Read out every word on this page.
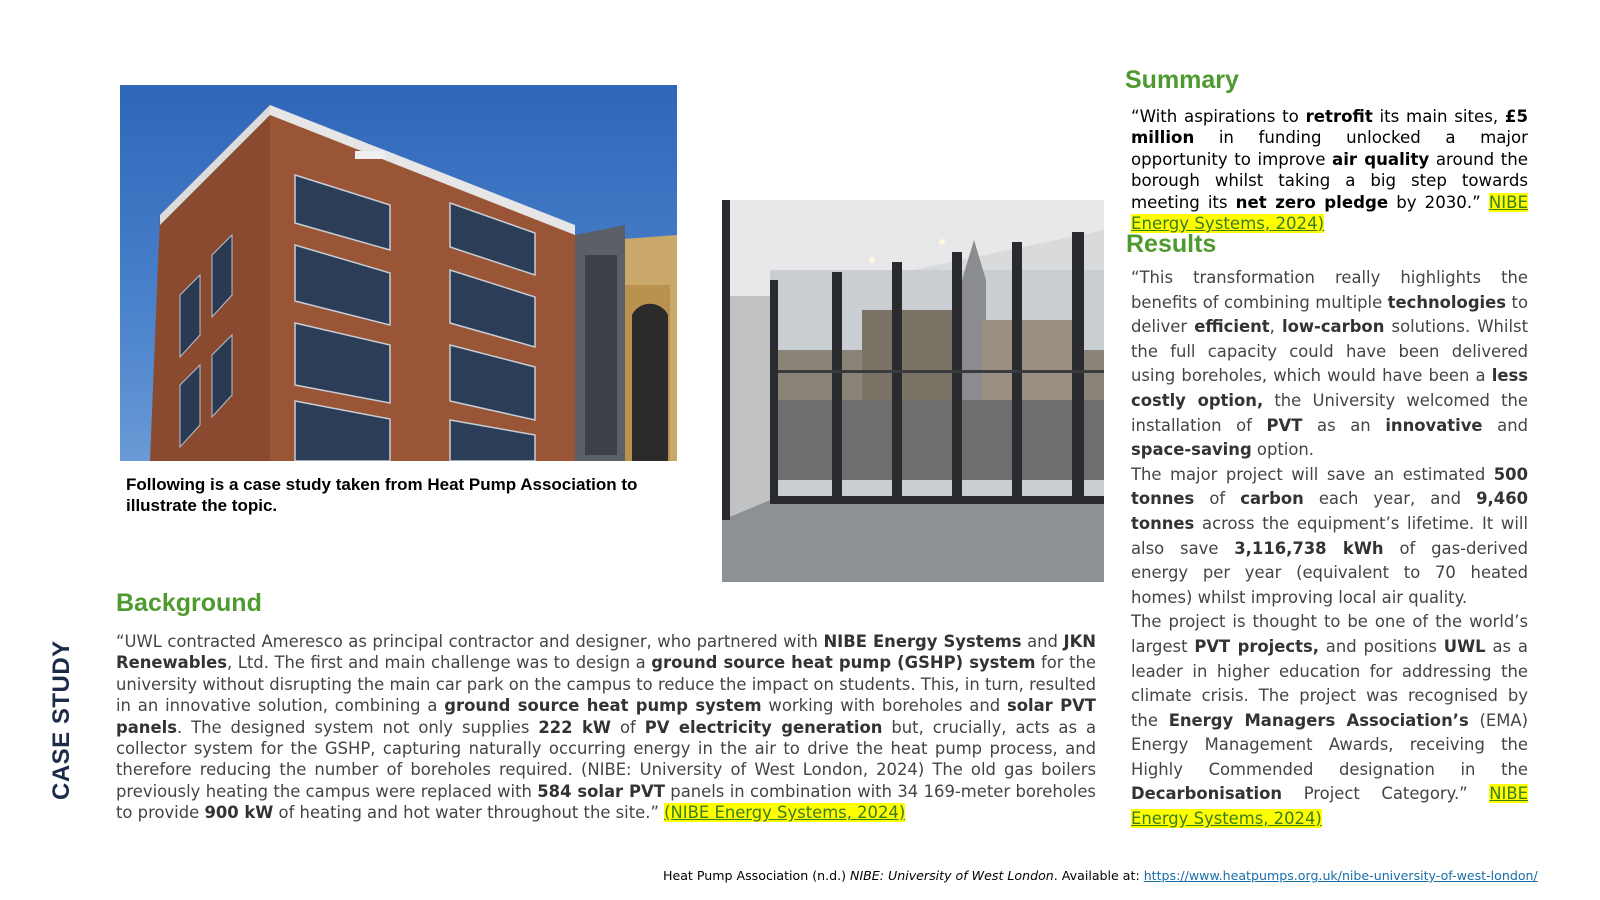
Following is a case study taken from Heat Pump Association to illustrate the topic.
Summary

“With aspirations to retrofit its main sites, £5 million in funding unlocked a major opportunity to improve air quality around the borough whilst taking a big step towards meeting its net zero pledge by 2030.” NIBE Energy Systems, 2024)

Results
“This transformation really highlights the benefits of combining multiple technologies to deliver efficient, low-carbon solutions. Whilst the full capacity could have been delivered using boreholes, which would have been a less costly option, the University welcomed the installation of PVT as an innovative and space-saving option.
The major project will save an estimated 500 tonnes of carbon each year, and 9,460 tonnes across the equipment’s lifetime. It will also save 3,116,738 kWh of gas-derived energy per year (equivalent to 70 heated homes) whilst improving local air quality.
The project is thought to be one of the world’s largest PVT projects, and positions UWL as a leader in higher education for addressing the climate crisis. The project was recognised by the Energy Managers Association’s (EMA) Energy Management Awards, receiving the Highly Commended designation in the Decarbonisation Project Category.” NIBE Energy Systems, 2024)
Background

“UWL contracted Ameresco as principal contractor and designer, who partnered with NIBE Energy Systems and JKN Renewables, Ltd. The first and main challenge was to design a ground source heat pump (GSHP) system for the university without disrupting the main car park on the campus to reduce the impact on students. This, in turn, resulted in an innovative solution, combining a ground source heat pump system working with boreholes and solar PVT panels. The designed system not only supplies 222 kW of PV electricity generation but, crucially, acts as a collector system for the GSHP, capturing naturally occurring energy in the air to drive the heat pump process, and therefore reducing the number of boreholes required. (NIBE: University of West London, 2024) The old gas boilers previously heating the campus were replaced with 584 solar PVT panels in combination with 34 169-meter boreholes to provide 900 kW of heating and hot water throughout the site.” (NIBE Energy Systems, 2024)

CASE STUDY
Heat Pump Association (n.d.) NIBE: University of West London. Available at: https://www.heatpumps.org.uk/nibe-university-of-west-london/
